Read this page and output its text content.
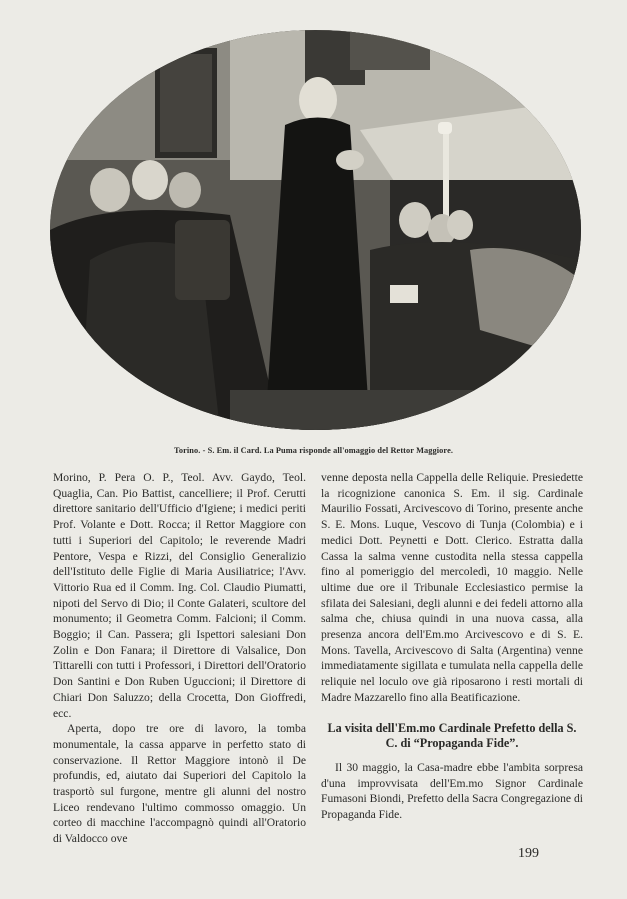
Torino. - S. Em. il Card. La Puma risponde all'omaggio del Rettor Maggiore.

Morino, P. Pera O. P., Teol. Avv. Gaydo, Teol. Quaglia, Can. Pio Battist, cancelliere; il Prof. Cerutti direttore sanitario dell'Ufficio d'Igiene; i medici periti Prof. Volante e Dott. Rocca; il Rettor Maggiore con tutti i Superiori del Capitolo; le reverende Madri Pentore, Vespa e Rizzi, del Consiglio Generalizio dell'Istituto delle Figlie di Maria Ausiliatrice; l'Avv. Vittorio Rua ed il Comm. Ing. Col. Claudio Piumatti, nipoti del Servo di Dio; il Conte Galateri, scultore del monumento; il Geometra Comm. Falcioni; il Comm. Boggio; il Can. Passera; gli Ispettori salesiani Don Zolin e Don Fanara; il Direttore di Valsalice, Don Tittarelli con tutti i Professori, i Direttori dell'Oratorio Don Santini e Don Ruben Uguccioni; il Direttore di Chiari Don Saluzzo; della Crocetta, Don Gioffredi, ecc.

Aperta, dopo tre ore di lavoro, la tomba monumentale, la cassa apparve in perfetto stato di conservazione. Il Rettor Maggiore intonò il De profundis, ed, aiutato dai Superiori del Capitolo la trasportò sul furgone, mentre gli alunni del nostro Liceo rendevano l'ultimo commosso omaggio. Un corteo di macchine l'accompagnò quindi all'Oratorio di Valdocco ove

venne deposta nella Cappella delle Reliquie. Presiedette la ricognizione canonica S. Em. il sig. Cardinale Maurilio Fossati, Arcivescovo di Torino, presente anche S. E. Mons. Luque, Vescovo di Tunja (Colombia) e i medici Dott. Peynetti e Dott. Clerico. Estratta dalla Cassa la salma venne custodita nella stessa cappella fino al pomeriggio del mercoledì, 10 maggio. Nelle ultime due ore il Tribunale Ecclesiastico permise la sfilata dei Salesiani, degli alunni e dei fedeli attorno alla salma che, chiusa quindi in una nuova cassa, alla presenza ancora dell'Em.mo Arcivescovo e di S. E. Mons. Tavella, Arcivescovo di Salta (Argentina) venne immediatamente sigillata e tumulata nella cappella delle reliquie nel loculo ove già riposarono i resti mortali di Madre Mazzarello fino alla Beatificazione.

La visita dell'Em.mo Cardinale Prefetto della S. C. di “Propaganda Fide”.

Il 30 maggio, la Casa-madre ebbe l'ambita sorpresa d'una improvvisata dell'Em.mo Signor Cardinale Fumasoni Biondi, Prefetto della Sacra Congregazione di Propaganda Fide.

199
